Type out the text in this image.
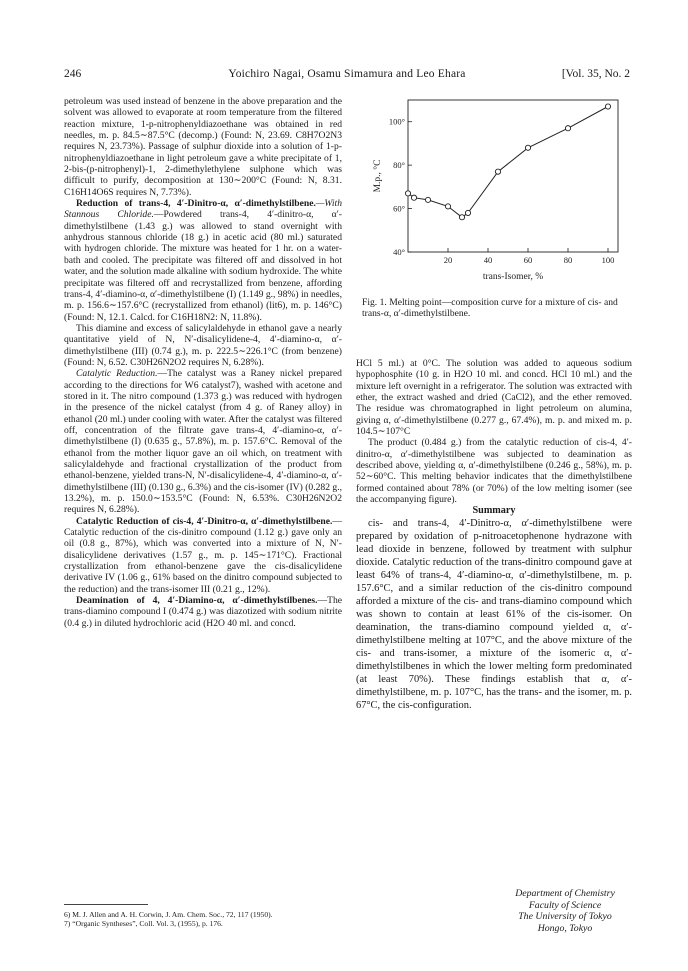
246	Yoichiro Nagai, Osamu Simamura and Leo Ehara	[Vol. 35, No. 2

petroleum was used instead of benzene in the above preparation and the solvent was allowed to evaporate at room temperature from the filtered reaction mixture, 1-p-nitrophenyldiazoethane was obtained in red needles, m. p. 84.5∼87.5°C (decomp.) (Found: N, 23.69. C8H7O2N3 requires N, 23.73%). Passage of sulphur dioxide into a solution of 1-p-nitrophenyldiazoethane in light petroleum gave a white precipitate of 1, 2-bis-(p-nitrophenyl)-1, 2-dimethylethylene sulphone which was difficult to purify, decomposition at 130∼200°C (Found: N, 8.31. C16H14O6S requires N, 7.73%).

Reduction of trans-4, 4′-Dinitro-α, α′-dimethylstilbene.—With Stannous Chloride.—Powdered trans-4, 4′-dinitro-α, α′-dimethylstilbene (1.43 g.) was allowed to stand overnight with anhydrous stannous chloride (18 g.) in acetic acid (80 ml.) saturated with hydrogen chloride. The mixture was heated for 1 hr. on a water-bath and cooled. The precipitate was filtered off and dissolved in hot water, and the solution made alkaline with sodium hydroxide. The white precipitate was filtered off and recrystallized from benzene, affording trans-4, 4′-diamino-α, α′-dimethylstilbene (I) (1.149 g., 98%) in needles, m. p. 156.6∼157.6°C (recrystallized from ethanol) (lit6), m. p. 146°C) (Found: N, 12.1. Calcd. for C16H18N2: N, 11.8%).

This diamine and excess of salicylaldehyde in ethanol gave a nearly quantitative yield of N, N′-disalicylidene-4, 4′-diamino-α, α′-dimethylstilbene (III) (0.74 g.), m. p. 222.5∼226.1°C (from benzene) (Found: N, 6.52. C30H26N2O2 requires N, 6.28%).

Catalytic Reduction.—The catalyst was a Raney nickel prepared according to the directions for W6 catalyst7), washed with acetone and stored in it. The nitro compound (1.373 g.) was reduced with hydrogen in the presence of the nickel catalyst (from 4 g. of Raney alloy) in ethanol (20 ml.) under cooling with water. After the catalyst was filtered off, concentration of the filtrate gave trans-4, 4′-diamino-α, α′-dimethylstilbene (I) (0.635 g., 57.8%), m. p. 157.6°C. Removal of the ethanol from the mother liquor gave an oil which, on treatment with salicylaldehyde and fractional crystallization of the product from ethanol-benzene, yielded trans-N, N′-disalicylidene-4, 4′-diamino-α, α′-dimethylstilbene (III) (0.130 g., 6.3%) and the cis-isomer (IV) (0.282 g., 13.2%), m. p. 150.0∼153.5°C (Found: N, 6.53%. C30H26N2O2 requires N, 6.28%).

Catalytic Reduction of cis-4, 4′-Dinitro-α, α′-dimethylstilbene.—Catalytic reduction of the cis-dinitro compound (1.12 g.) gave only an oil (0.8 g., 87%), which was converted into a mixture of N, N′-disalicylidene derivatives (1.57 g., m. p. 145∼171°C). Fractional crystallization from ethanol-benzene gave the cis-disalicylidene derivative IV (1.06 g., 61% based on the dinitro compound subjected to the reduction) and the trans-isomer III (0.21 g., 12%).

Deamination of 4, 4′-Diamino-α, α′-dimethylstilbenes.—The trans-diamino compound I (0.474 g.) was diazotized with sodium nitrite (0.4 g.) in diluted hydrochloric acid (H2O 40 ml. and concd.

20	40	60	80	100
40°
60°
80°
100°
trans-Isomer, %
M.p., °C
Fig. 1. Melting point—composition curve for a mixture of cis- and trans-α, α′-dimethylstilbene.

HCl 5 ml.) at 0°C. The solution was added to aqueous sodium hypophosphite (10 g. in H2O 10 ml. and concd. HCl 10 ml.) and the mixture left overnight in a refrigerator. The solution was extracted with ether, the extract washed and dried (CaCl2), and the ether removed. The residue was chromatographed in light petroleum on alumina, giving α, α′-dimethylstilbene (0.277 g., 67.4%), m. p. and mixed m. p. 104.5∼107°C

The product (0.484 g.) from the catalytic reduction of cis-4, 4′-dinitro-α, α′-dimethylstilbene was subjected to deamination as described above, yielding α, α′-dimethylstilbene (0.246 g., 58%), m. p. 52∼60°C. This melting behavior indicates that the dimethylstilbene formed contained about 78% (or 70%) of the low melting isomer (see the accompanying figure).

Summary

cis- and trans-4, 4′-Dinitro-α, α′-dimethylstilbene were prepared by oxidation of p-nitroacetophenone hydrazone with lead dioxide in benzene, followed by treatment with sulphur dioxide. Catalytic reduction of the trans-dinitro compound gave at least 64% of trans-4, 4′-diamino-α, α′-dimethylstilbene, m. p. 157.6°C, and a similar reduction of the cis-dinitro compound afforded a mixture of the cis- and trans-diamino compound which was shown to contain at least 61% of the cis-isomer. On deamination, the trans-diamino compound yielded α, α′-dimethylstilbene melting at 107°C, and the above mixture of the cis- and trans-isomer, a mixture of the isomeric α, α′-dimethylstilbenes in which the lower melting form predominated (at least 70%). These findings establish that α, α′-dimethylstilbene, m. p. 107°C, has the trans- and the isomer, m. p. 67°C, the cis-configuration.

Department of Chemistry
Faculty of Science
The University of Tokyo
Hongo, Tokyo

6) M. J. Allen and A. H. Corwin, J. Am. Chem. Soc., 72, 117 (1950).

7) “Organic Syntheses”, Coll. Vol. 3, (1955), p. 176.
